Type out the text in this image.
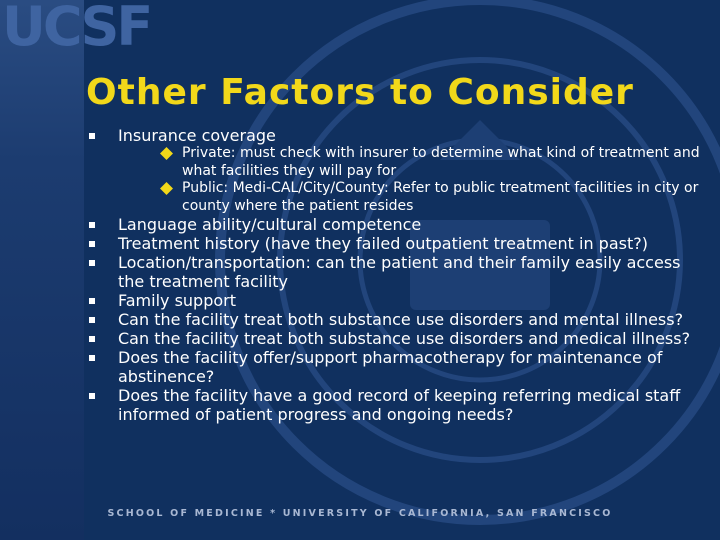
UCSF
Other Factors to Consider
Insurance coverage
Private: must check with insurer to determine what kind of treatment and what facilities they will pay for
Public: Medi-CAL/City/County: Refer to public treatment facilities in city or county where the patient resides
Language ability/cultural competence
Treatment history (have they failed outpatient treatment in past?)
Location/transportation: can the patient and their family easily access the treatment facility
Family support
Can the facility treat both substance use disorders and mental illness?
Can the facility treat both substance use disorders and medical illness?
Does the facility offer/support pharmacotherapy for maintenance of abstinence?
Does the facility have a good record of keeping referring medical staff informed of patient progress and ongoing needs?

SCHOOL OF MEDICINE * UNIVERSITY OF CALIFORNIA, SAN FRANCISCO
